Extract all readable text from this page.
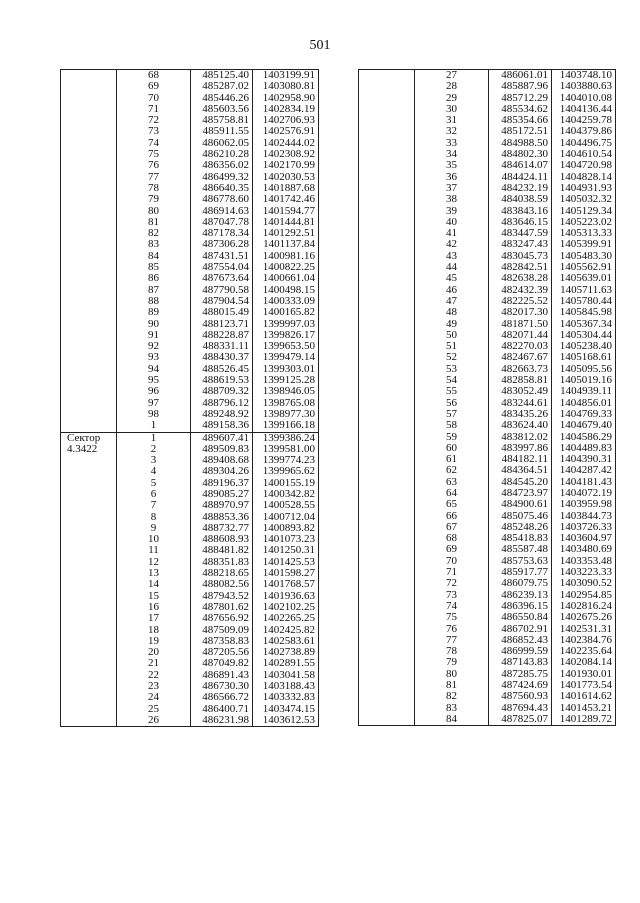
501
	68	485125.40	1403199.91
	69	485287.02	1403080.81
	70	485446.26	1402958.90
	71	485603.56	1402834.19
	72	485758.81	1402706.93
	73	485911.55	1402576.91
	74	486062.05	1402444.02
	75	486210.28	1402308.92
	76	486356.02	1402170.99
	77	486499.32	1402030.53
	78	486640.35	1401887.68
	79	486778.60	1401742.46
	80	486914.63	1401594.77
	81	487047.78	1401444.81
	82	487178.34	1401292.51
	83	487306.28	1401137.84
	84	487431.51	1400981.16
	85	487554.04	1400822.25
	86	487673.64	1400661.04
	87	487790.58	1400498.15
	88	487904.54	1400333.09
	89	488015.49	1400165.82
	90	488123.71	1399997.03
	91	488228.87	1399826.17
	92	488331.11	1399653.50
	93	488430.37	1399479.14
	94	488526.45	1399303.01
	95	488619.53	1399125.28
	96	488709.32	1398946.05
	97	488796.12	1398765.08
	98	489248.92	1398977.30
	1	489158.36	1399166.18
Сектор	1	489607.41	1399386.24
4.3422	2	489509.83	1399581.00
	3	489408.68	1399774.23
	4	489304.26	1399965.62
	5	489196.37	1400155.19
	6	489085.27	1400342.82
	7	488970.97	1400528.55
	8	488853.36	1400712.04
	9	488732.77	1400893.82
	10	488608.93	1401073.23
	11	488481.82	1401250.31
	12	488351.83	1401425.53
	13	488218.65	1401598.27
	14	488082.56	1401768.57
	15	487943.52	1401936.63
	16	487801.62	1402102.25
	17	487656.92	1402265.25
	18	487509.09	1402425.82
	19	487358.83	1402583.61
	20	487205.56	1402738.89
	21	487049.82	1402891.55
	22	486891.43	1403041.58
	23	486730.30	1403188.43
	24	486566.72	1403332.83
	25	486400.71	1403474.15
	26	486231.98	1403612.53
	27	486061.01	1403748.10
	28	485887.96	1403880.63
	29	485712.29	1404010.08
	30	485534.62	1404136.44
	31	485354.66	1404259.78
	32	485172.51	1404379.86
	33	484988.50	1404496.75
	34	484802.30	1404610.54
	35	484614.07	1404720.98
	36	484424.11	1404828.14
	37	484232.19	1404931.93
	38	484038.59	1405032.32
	39	483843.16	1405129.34
	40	483646.15	1405223.02
	41	483447.59	1405313.33
	42	483247.43	1405399.91
	43	483045.73	1405483.30
	44	482842.51	1405562.91
	45	482638.28	1405639.01
	46	482432.39	1405711.63
	47	482225.52	1405780.44
	48	482017.30	1405845.98
	49	481871.50	1405367.34
	50	482071.44	1405304.44
	51	482270.03	1405238.40
	52	482467.67	1405168.61
	53	482663.73	1405095.56
	54	482858.81	1405019.16
	55	483052.49	1404939.11
	56	483244.61	1404856.01
	57	483435.26	1404769.33
	58	483624.40	1404679.40
	59	483812.02	1404586.29
	60	483997.86	1404489.83
	61	484182.11	1404390.31
	62	484364.51	1404287.42
	63	484545.20	1404181.43
	64	484723.97	1404072.19
	65	484900.61	1403959.98
	66	485075.46	1403844.73
	67	485248.26	1403726.33
	68	485418.83	1403604.97
	69	485587.48	1403480.69
	70	485753.63	1403353.48
	71	485917.77	1403223.33
	72	486079.75	1403090.52
	73	486239.13	1402954.85
	74	486396.15	1402816.24
	75	486550.84	1402675.26
	76	486702.91	1402531.31
	77	486852.43	1402384.76
	78	486999.59	1402235.64
	79	487143.83	1402084.14
	80	487285.75	1401930.01
	81	487424.69	1401773.54
	82	487560.93	1401614.62
	83	487694.43	1401453.21
	84	487825.07	1401289.72
